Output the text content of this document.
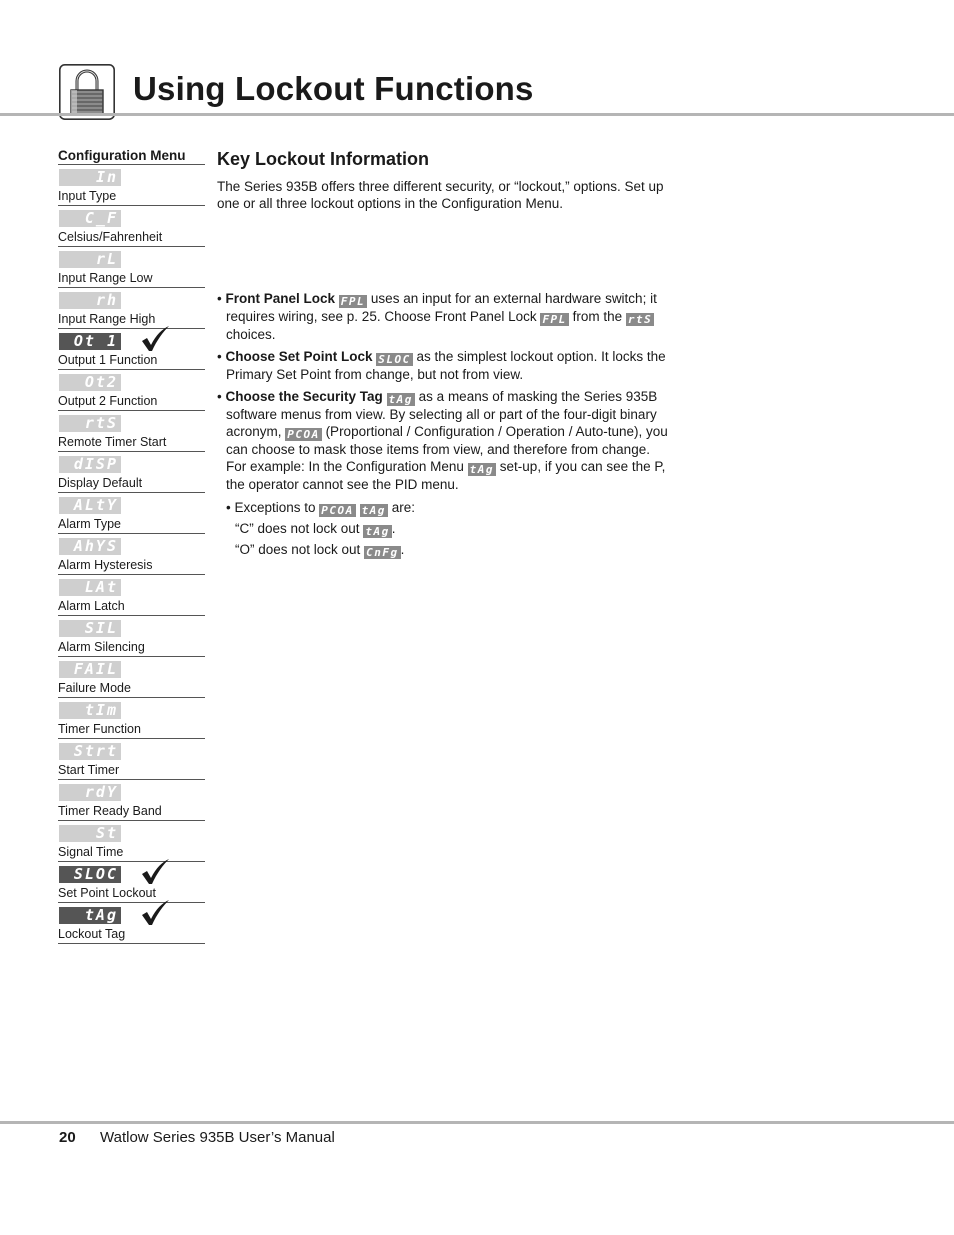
Using Lockout Functions
Configuration Menu
In
Input Type
C_F
Celsius/Fahrenheit
rL
Input Range Low
rh
Input Range High
Ot 1
Output 1 Function
Ot2
Output 2 Function
rtS
Remote Timer Start
dISP
Display Default
ALtY
Alarm Type
AhYS
Alarm Hysteresis
LAt
Alarm Latch
SIL
Alarm Silencing
FAIL
Failure Mode
tIm
Timer Function
Strt
Start Timer
rdY
Timer Ready Band
St
Signal Time
SLOC
Set Point Lockout
tAg
Lockout Tag
Key Lockout Information

The Series 935B offers three different security, or “lockout,” options. Set up one or all three lockout options in the Configuration Menu.

• Front Panel Lock FPL uses an input for an external hardware switch; it requires wiring, see p. 25. Choose Front Panel Lock FPL from the rtS choices.

• Choose Set Point Lock SLOC as the simplest lockout option. It locks the Primary Set Point from change, but not from view.

• Choose the Security Tag tAg as a means of masking the Series 935B software menus from view. By selecting all or part of the four-digit binary acronym, PCOA (Proportional / Configuration / Operation / Auto-tune), you can choose to mask those items from view, and therefore from change. For example: In the Configuration Menu tAg set-up, if you can see the P, the operator cannot see the PID menu.

• Exceptions to PCOA tAg are:

“C” does not lock out tAg .

“O” does not lock out CnFg .

20 Watlow Series 935B User’s Manual
